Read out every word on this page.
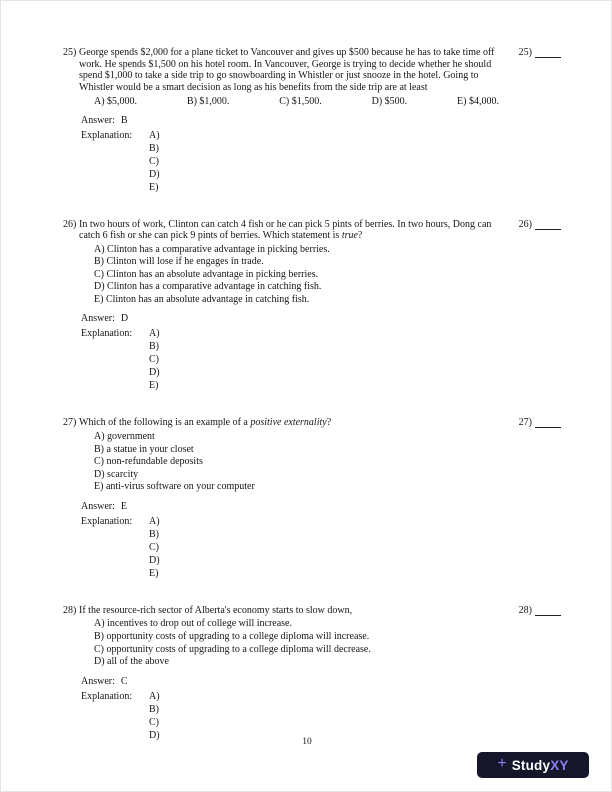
25) George spends $2,000 for a plane ticket to Vancouver and gives up $500 because he has to take time off work. He spends $1,500 on his hotel room. In Vancouver, George is trying to decide whether he should spend $1,000 to take a side trip to go snowboarding in Whistler or just snooze in the hotel. Going to Whistler would be a smart decision as long as his benefits from the side trip are at least

A) $5,000.	B) $1,000.	C) $1,500.	D) $500.	E) $4,000.
Answer: B
Explanation:	A)
B)
C)
D)
E)
25)
26) In two hours of work, Clinton can catch 4 fish or he can pick 5 pints of berries. In two hours, Dong can catch 6 fish or she can pick 9 pints of berries. Which statement is true?

A) Clinton has a comparative advantage in picking berries.
B) Clinton will lose if he engages in trade.
C) Clinton has an absolute advantage in picking berries.
D) Clinton has a comparative advantage in catching fish.
E) Clinton has an absolute advantage in catching fish.
Answer: D
Explanation:	A)
B)
C)
D)
E)
26)
27) Which of the following is an example of a positive externality?

A) government
B) a statue in your closet
C) non-refundable deposits
D) scarcity
E) anti-virus software on your computer
Answer: E
Explanation:	A)
B)
C)
D)
E)
27)
28) If the resource-rich sector of Alberta's economy starts to slow down,

A) incentives to drop out of college will increase.
B) opportunity costs of upgrading to a college diploma will increase.
C) opportunity costs of upgrading to a college diploma will decrease.
D) all of the above
Answer: C
Explanation:	A)
B)
C)
D)
28)
10
+ Study XY
